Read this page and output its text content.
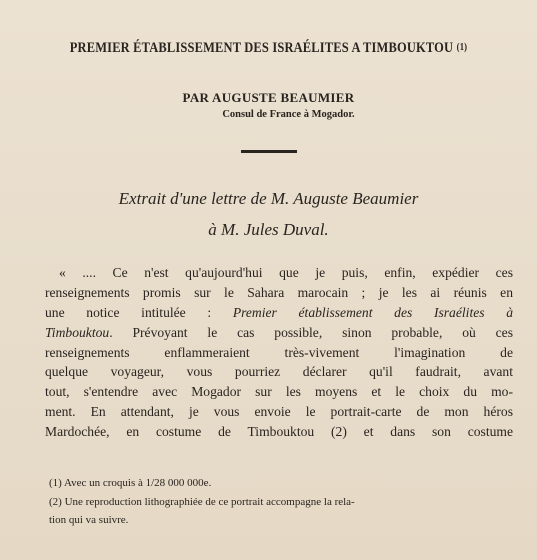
PREMIER ÉTABLISSEMENT DES ISRAÉLITES A TIMBOUKTOU (1)
PAR AUGUSTE BEAUMIER
Consul de France à Mogador.
Extrait d'une lettre de M. Auguste Beaumier
à M. Jules Duval.
« .... Ce n'est qu'aujourd'hui que je puis, enfin, expédier ces
renseignements promis sur le Sahara marocain ; je les ai réunis en
une notice intitulée : Premier établissement des Israélites à
Timbouktou. Prévoyant le cas possible, sinon probable, où ces
renseignements enflammeraient très-vivement l'imagination de
quelque voyageur, vous pourriez déclarer qu'il faudrait, avant
tout, s'entendre avec Mogador sur les moyens et le choix du mo-
ment. En attendant, je vous envoie le portrait-carte de mon héros
Mardochée, en costume de Timbouktou (2) et dans son costume
(1) Avec un croquis à 1/28 000 000e.
(2) Une reproduction lithographiée de ce portrait accompagne la rela-
tion qui va suivre.
